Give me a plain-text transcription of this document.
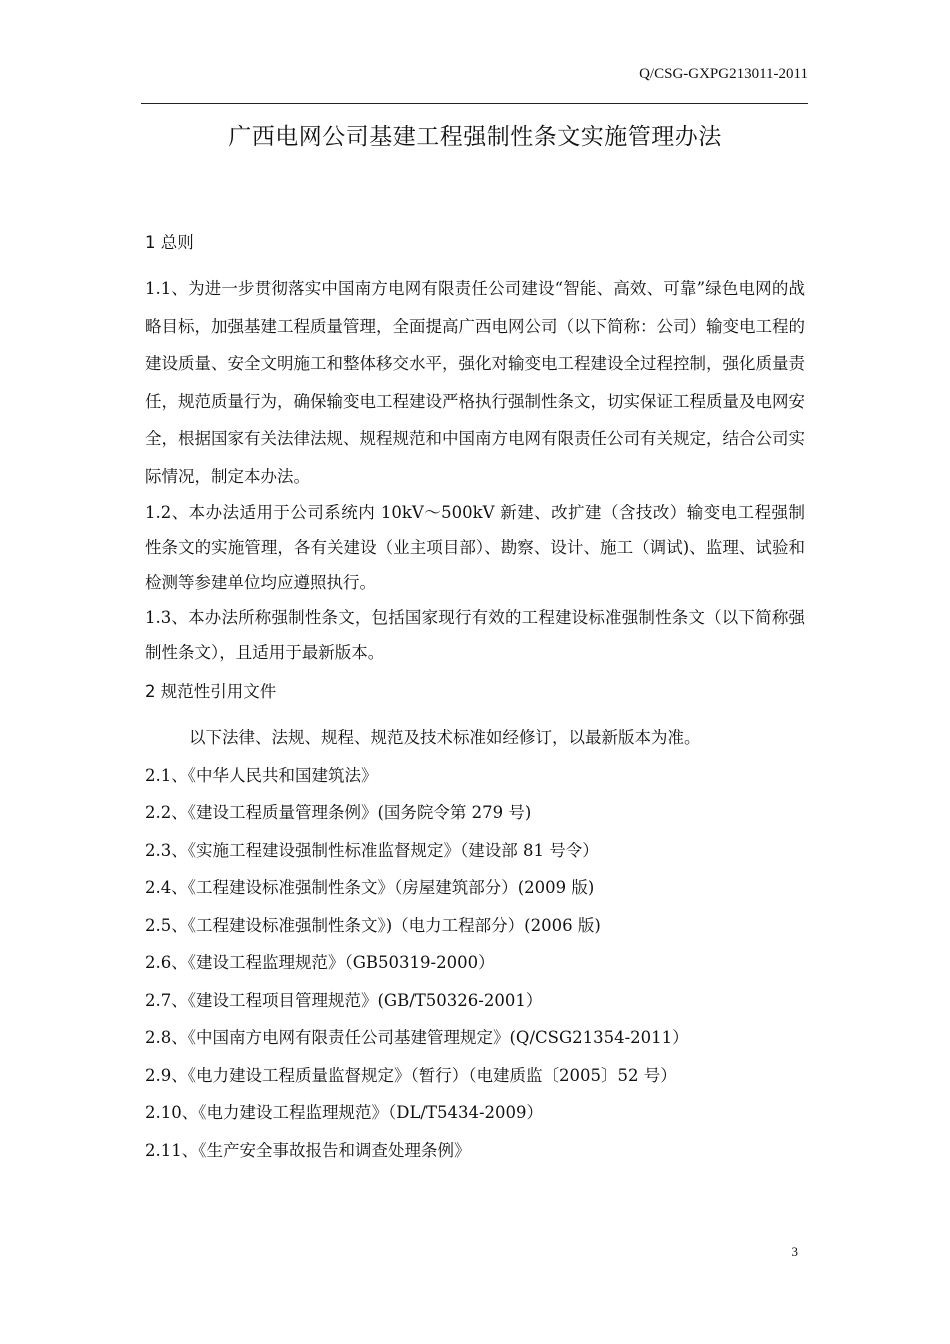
Q/CSG-GXPG213011-2011
广西电网公司基建工程强制性条文实施管理办法
1 总则

1.1、为进一步贯彻落实中国南方电网有限责任公司建设“智能、高效、可靠”绿色电网的战略目标，加强基建工程质量管理，全面提高广西电网公司（以下简称：公司）输变电工程的建设质量、安全文明施工和整体移交水平，强化对输变电工程建设全过程控制，强化质量责任，规范质量行为，确保输变电工程建设严格执行强制性条文，切实保证工程质量及电网安全，根据国家有关法律法规、规程规范和中国南方电网有限责任公司有关规定，结合公司实际情况，制定本办法。

1.2、本办法适用于公司系统内 10kV～500kV 新建、改扩建（含技改）输变电工程强制性条文的实施管理，各有关建设（业主项目部）、勘察、设计、施工（调试)、监理、试验和检测等参建单位均应遵照执行。

1.3、本办法所称强制性条文，包括国家现行有效的工程建设标准强制性条文（以下简称强制性条文），且适用于最新版本。

2 规范性引用文件

以下法律、法规、规程、规范及技术标准如经修订，以最新版本为准。

2.1、《中华人民共和国建筑法》
2.2、《建设工程质量管理条例》(国务院令第 279 号)
2.3、《实施工程建设强制性标准监督规定》（建设部 81 号令）
2.4、《工程建设标准强制性条文》（房屋建筑部分）(2009 版)
2.5、《工程建设标准强制性条文》)（电力工程部分）(2006 版)
2.6、《建设工程监理规范》（GB50319-2000）
2.7、《建设工程项目管理规范》(GB/T50326-2001）
2.8、《中国南方电网有限责任公司基建管理规定》(Q/CSG21354-2011）
2.9、《电力建设工程质量监督规定》（暂行）（电建质监〔2005〕52 号）
2.10、《电力建设工程监理规范》（DL/T5434-2009）
2.11、《生产安全事故报告和调查处理条例》
3
